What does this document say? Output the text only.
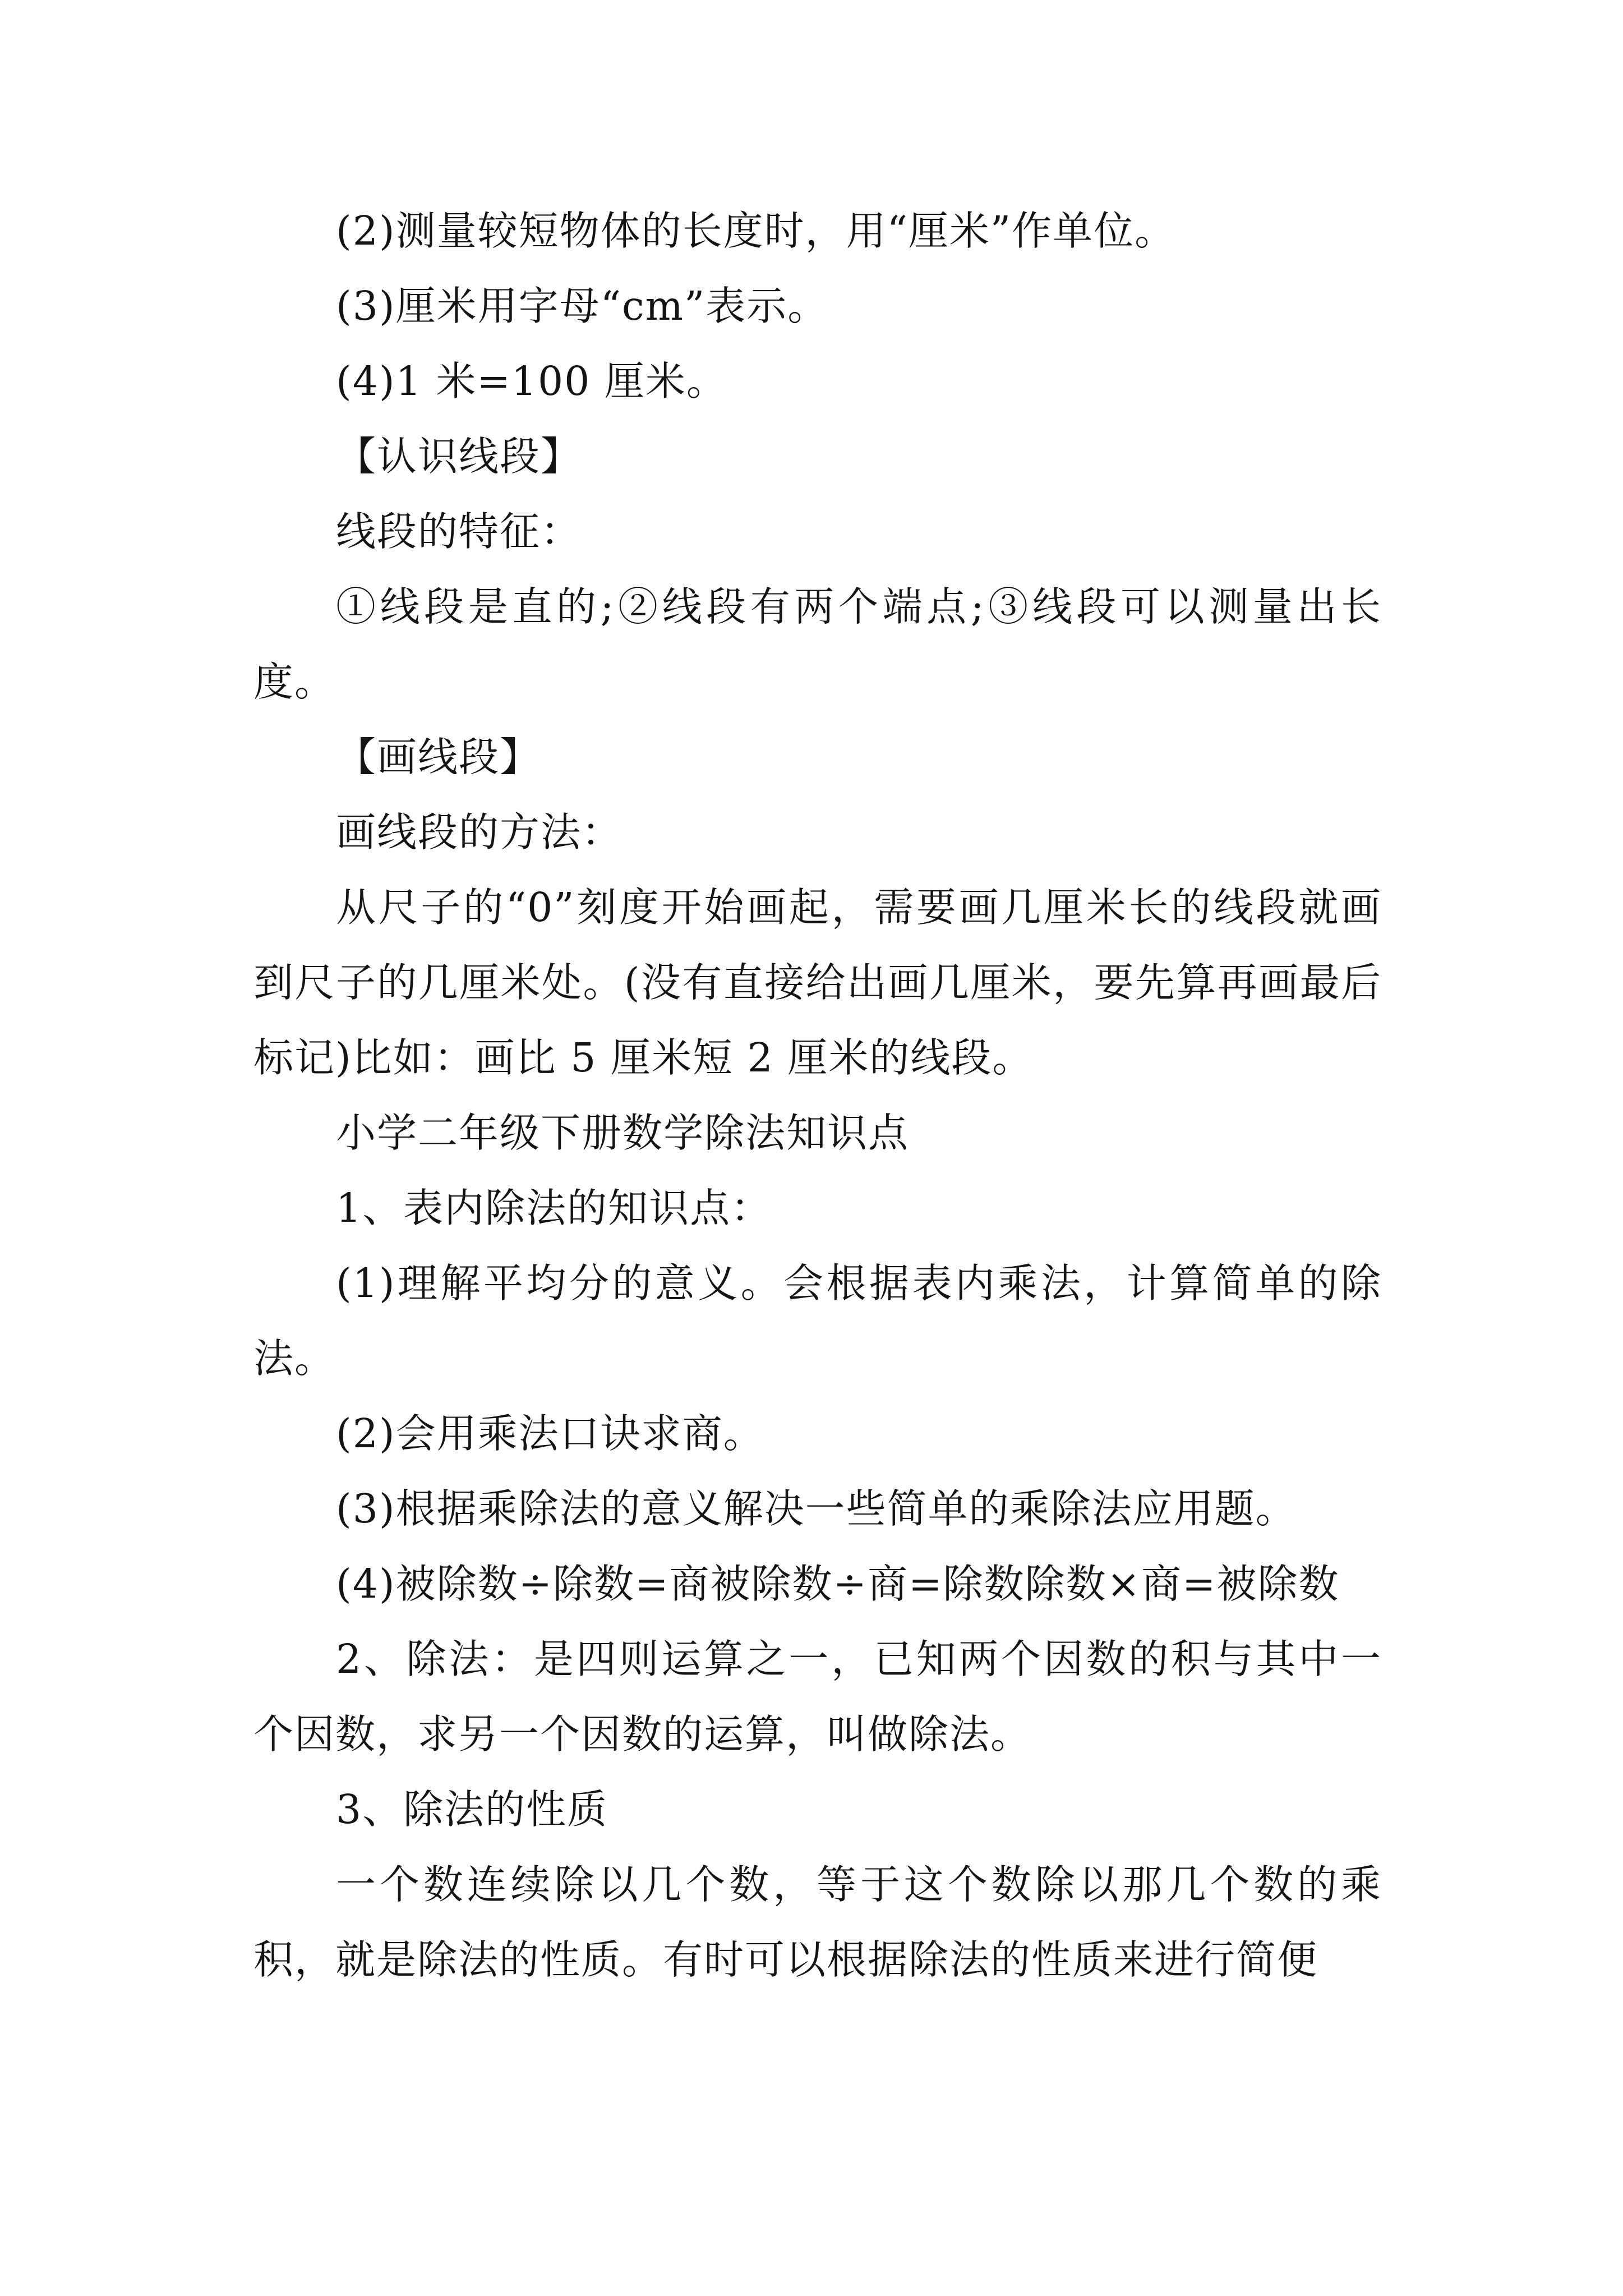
(2)测量较短物体的长度时，用“厘米”作单位。

(3)厘米用字母“cm”表示。

(4)1 米=100 厘米。

【认识线段】

线段的特征：

①线段是直的;②线段有两个端点;③线段可以测量出长度。

【画线段】

画线段的方法：

从尺子的“0”刻度开始画起，需要画几厘米长的线段就画到尺子的几厘米处。(没有直接给出画几厘米，要先算再画最后标记)比如：画比 5 厘米短 2 厘米的线段。

小学二年级下册数学除法知识点

1、表内除法的知识点：

(1)理解平均分的意义。会根据表内乘法，计算简单的除法。

(2)会用乘法口诀求商。

(3)根据乘除法的意义解决一些简单的乘除法应用题。

(4)被除数÷除数=商被除数÷商=除数除数×商=被除数

2、除法：是四则运算之一，已知两个因数的积与其中一个因数，求另一个因数的运算，叫做除法。

3、除法的性质

一个数连续除以几个数，等于这个数除以那几个数的乘积，就是除法的性质。有时可以根据除法的性质来进行简便
